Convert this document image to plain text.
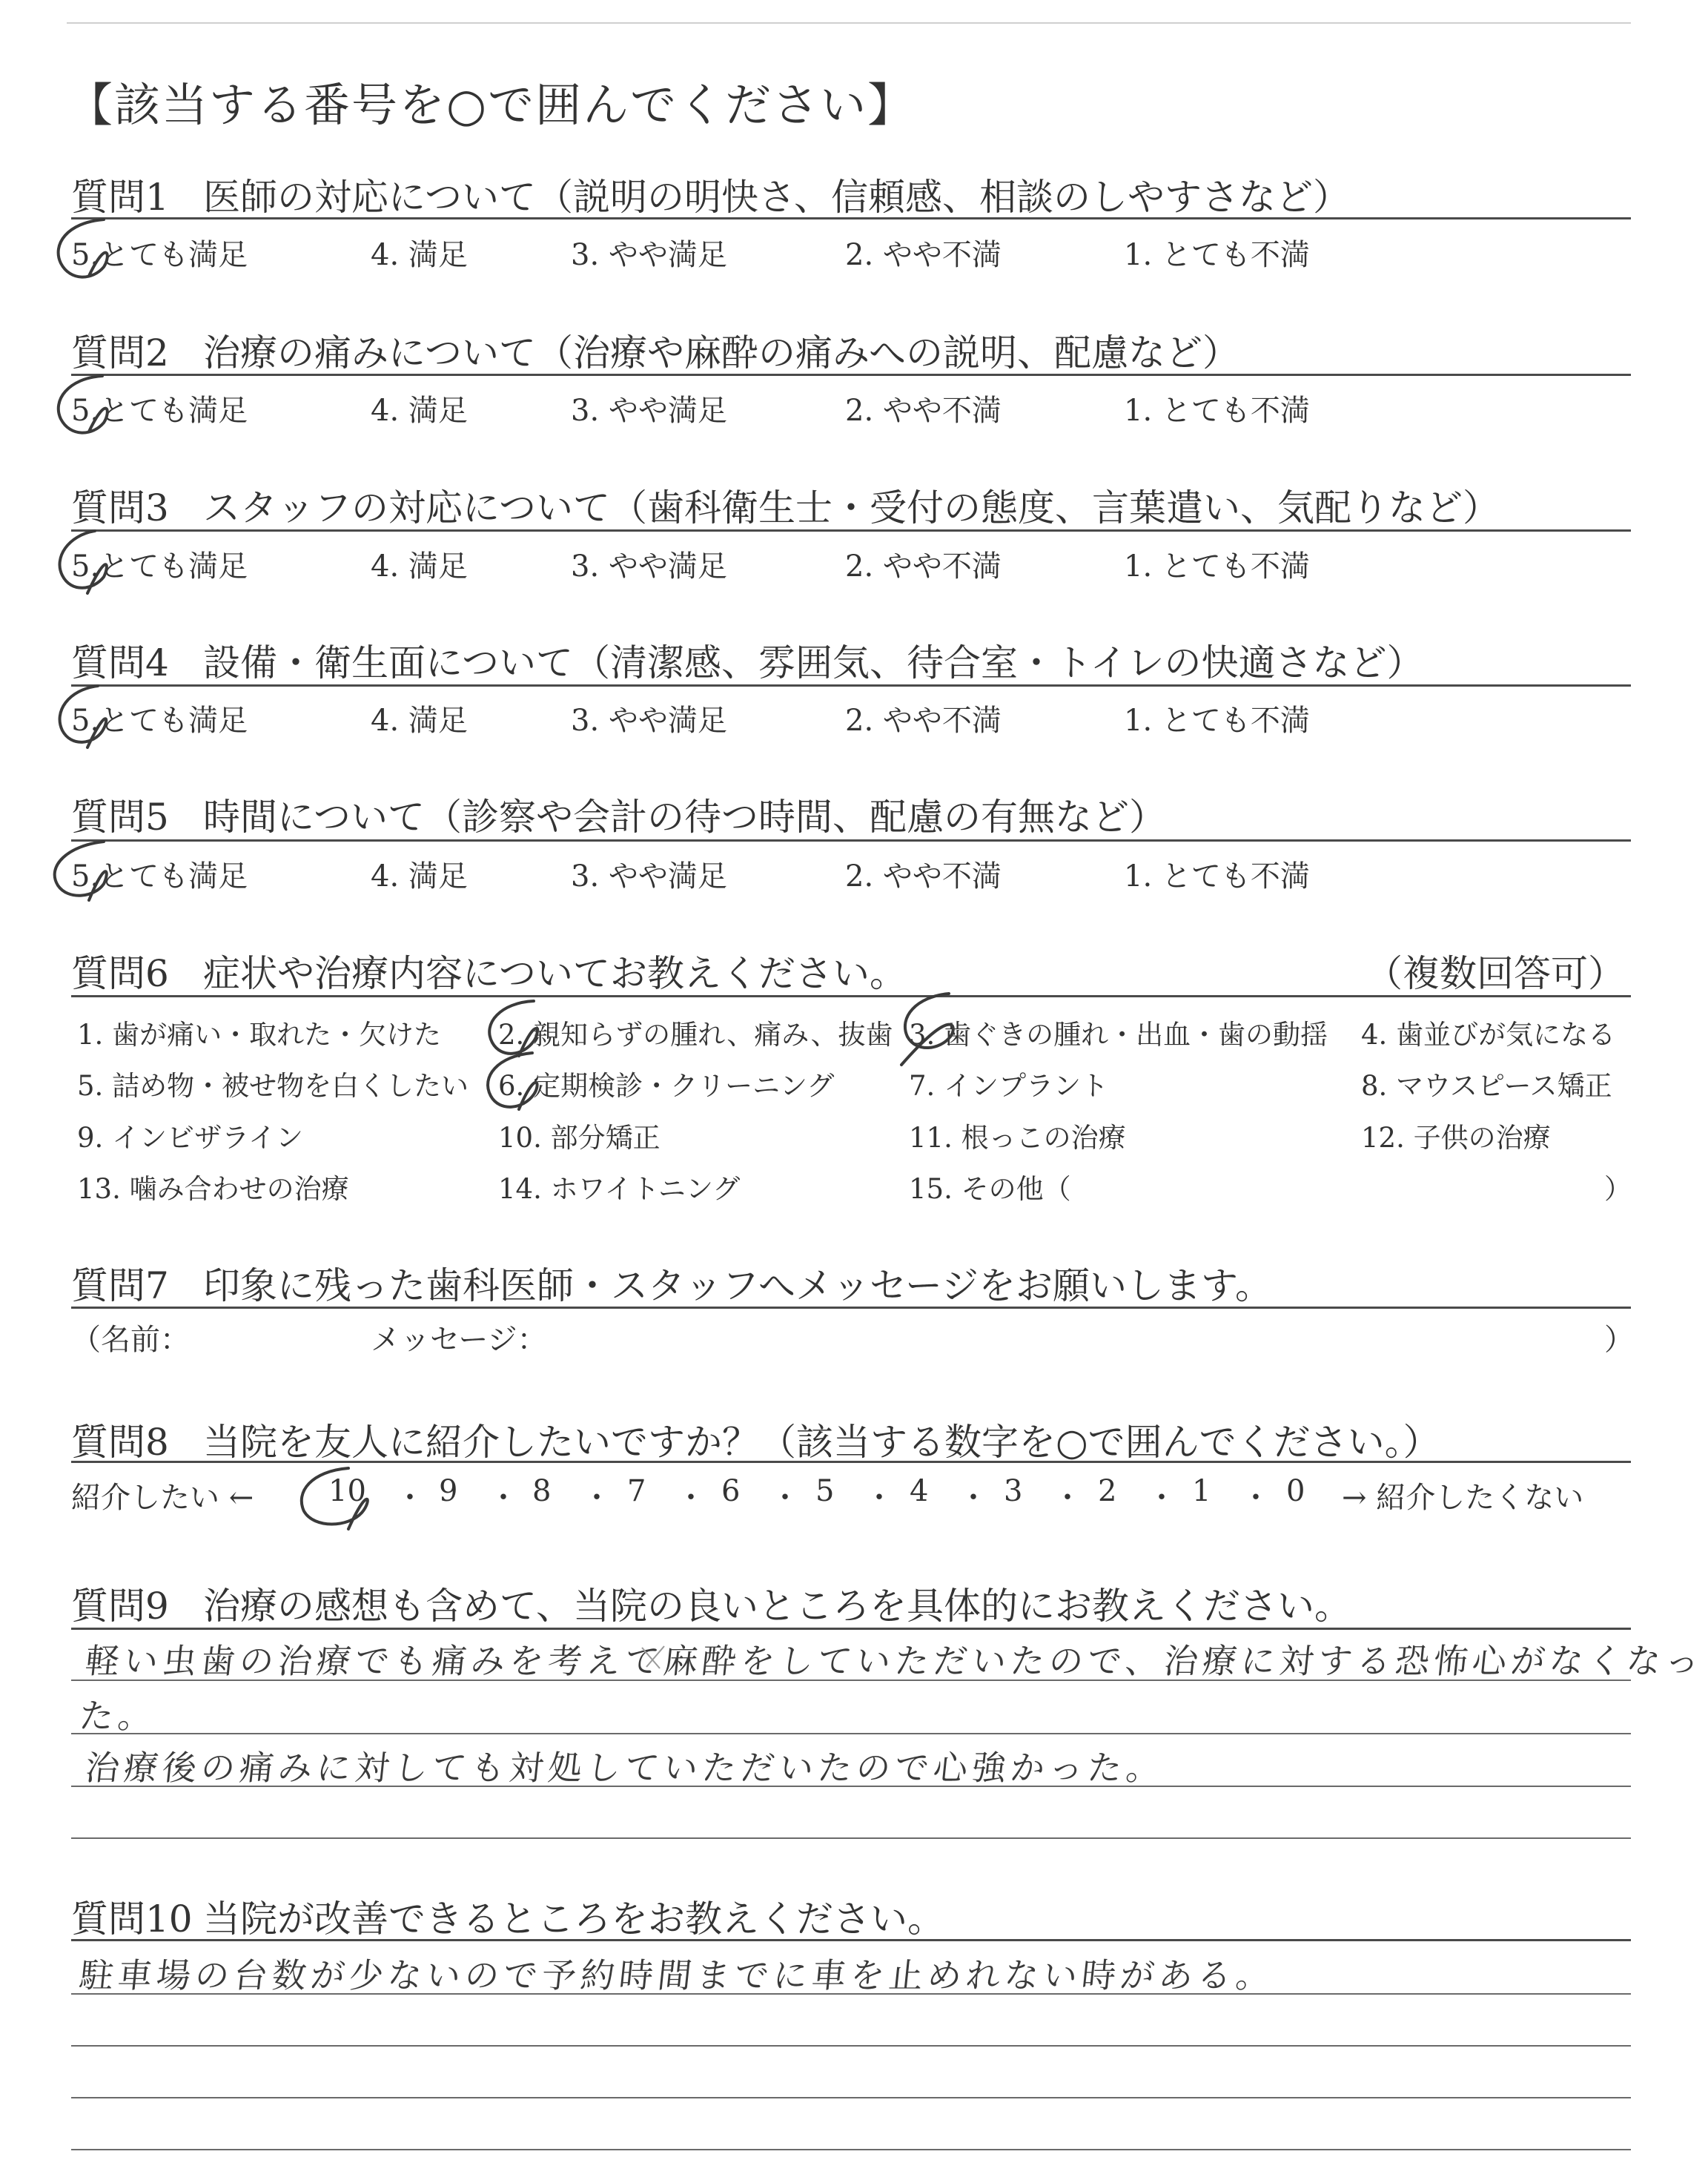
【該当する番号を○で囲んでください】
質問1 医師の対応について（説明の明快さ、信頼感、相談のしやすさなど）
5.とても満足	4. 満足	3. やや満足	2. やや不満	1. とても不満
質問2 治療の痛みについて（治療や麻酔の痛みへの説明、配慮など）
5.とても満足	4. 満足	3. やや満足	2. やや不満	1. とても不満
質問3 スタッフの対応について（歯科衛生士・受付の態度、言葉遣い、気配りなど）
5.とても満足	4. 満足	3. やや満足	2. やや不満	1. とても不満
質問4 設備・衛生面について（清潔感、雰囲気、待合室・トイレの快適さなど）
5.とても満足	4. 満足	3. やや満足	2. やや不満	1. とても不満
質問5 時間について（診察や会計の待つ時間、配慮の有無など）
5.とても満足	4. 満足	3. やや満足	2. やや不満	1. とても不満
質問6 症状や治療内容についてお教えください。	（複数回答可）
1. 歯が痛い・取れた・欠けた 2. 親知らずの腫れ、痛み、抜歯 3. 歯ぐきの腫れ・出血・歯の動揺 4. 歯並びが気になる
5. 詰め物・被せ物を白くしたい 6. 定期検診・クリーニング	7. インプラント	8. マウスピース矯正
9. インビザライン	10. 部分矯正	11. 根っこの治療	12. 子供の治療
13. 噛み合わせの治療	14. ホワイトニング	15. その他（	）
質問7 印象に残った歯科医師・スタッフへメッセージをお願いします。
（名前：	メッセージ：	）
質問8 当院を友人に紹介したいですか？（該当する数字を○で囲んでください。）
紹介したい ←	10 ・ 9 ・ 8 ・ 7 ・ 6 ・ 5 ・ 4 ・ 3 ・ 2 ・ 1 ・ 0 → 紹介したくない
質問9 治療の感想も含めて、当院の良いところを具体的にお教えください。
軽い虫歯の治療でも痛みを考えて麻酔をしていただいたので、治療に対する恐怖心がなくなっ
た。
治療後の痛みに対しても対処していただいたので心強かった。
質問10 当院が改善できるところをお教えください。
駐車場の台数が少ないので予約時間までに車を止めれない時がある。
